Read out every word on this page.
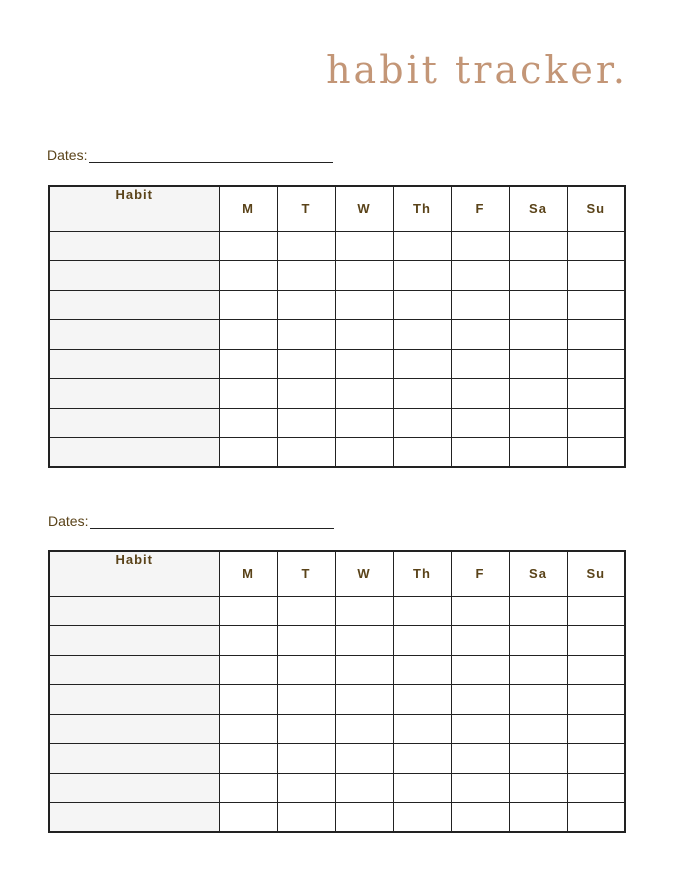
habit tracker.
Dates:
Habit	M	T	W	Th	F	Sa	Su

Dates:
Habit	M	T	W	Th	F	Sa	Su
